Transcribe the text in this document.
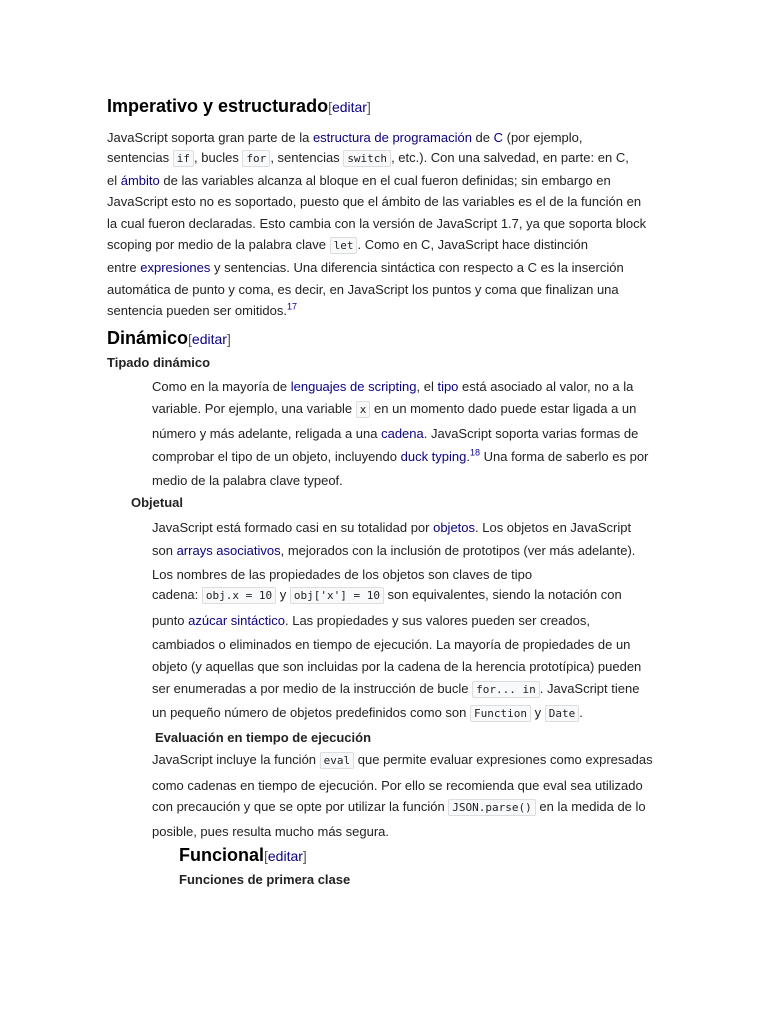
Imperativo y estructurado[editar]
JavaScript soporta gran parte de la estructura de programación de C (por ejemplo,
sentencias if , bucles for , sentencias switch , etc.). Con una salvedad, en parte: en C,
el ámbito de las variables alcanza al bloque en el cual fueron definidas; sin embargo en
JavaScript esto no es soportado, puesto que el ámbito de las variables es el de la función en
la cual fueron declaradas. Esto cambia con la versión de JavaScript 1.7, ya que soporta block
scoping por medio de la palabra clave let . Como en C, JavaScript hace distinción
entre expresiones y sentencias. Una diferencia sintáctica con respecto a C es la inserción
automática de punto y coma, es decir, en JavaScript los puntos y coma que finalizan una
sentencia pueden ser omitidos.$^{17}$
Dinámico[editar]
Tipado dinámico
Como en la mayoría de lenguajes de scripting, el tipo está asociado al valor, no a la
variable. Por ejemplo, una variable x en un momento dado puede estar ligada a un
número y más adelante, religada a una cadena. JavaScript soporta varias formas de
comprobar el tipo de un objeto, incluyendo duck typing.$^{18}$ Una forma de saberlo es por
medio de la palabra clave typeof.
Objetual
JavaScript está formado casi en su totalidad por objetos. Los objetos en JavaScript
son arrays asociativos, mejorados con la inclusión de prototipos (ver más adelante).
Los nombres de las propiedades de los objetos son claves de tipo
cadena: obj.x = 10 y obj['x'] = 10 son equivalentes, siendo la notación con
punto azúcar sintáctico. Las propiedades y sus valores pueden ser creados,
cambiados o eliminados en tiempo de ejecución. La mayoría de propiedades de un
objeto (y aquellas que son incluidas por la cadena de la herencia prototípica) pueden
ser enumeradas a por medio de la instrucción de bucle for... in . JavaScript tiene
un pequeño número de objetos predefinidos como son Function y Date .
Evaluación en tiempo de ejecución
JavaScript incluye la función eval que permite evaluar expresiones como expresadas
como cadenas en tiempo de ejecución. Por ello se recomienda que eval sea utilizado
con precaución y que se opte por utilizar la función JSON.parse() en la medida de lo
posible, pues resulta mucho más segura.
Funcional[editar]
Funciones de primera clase
